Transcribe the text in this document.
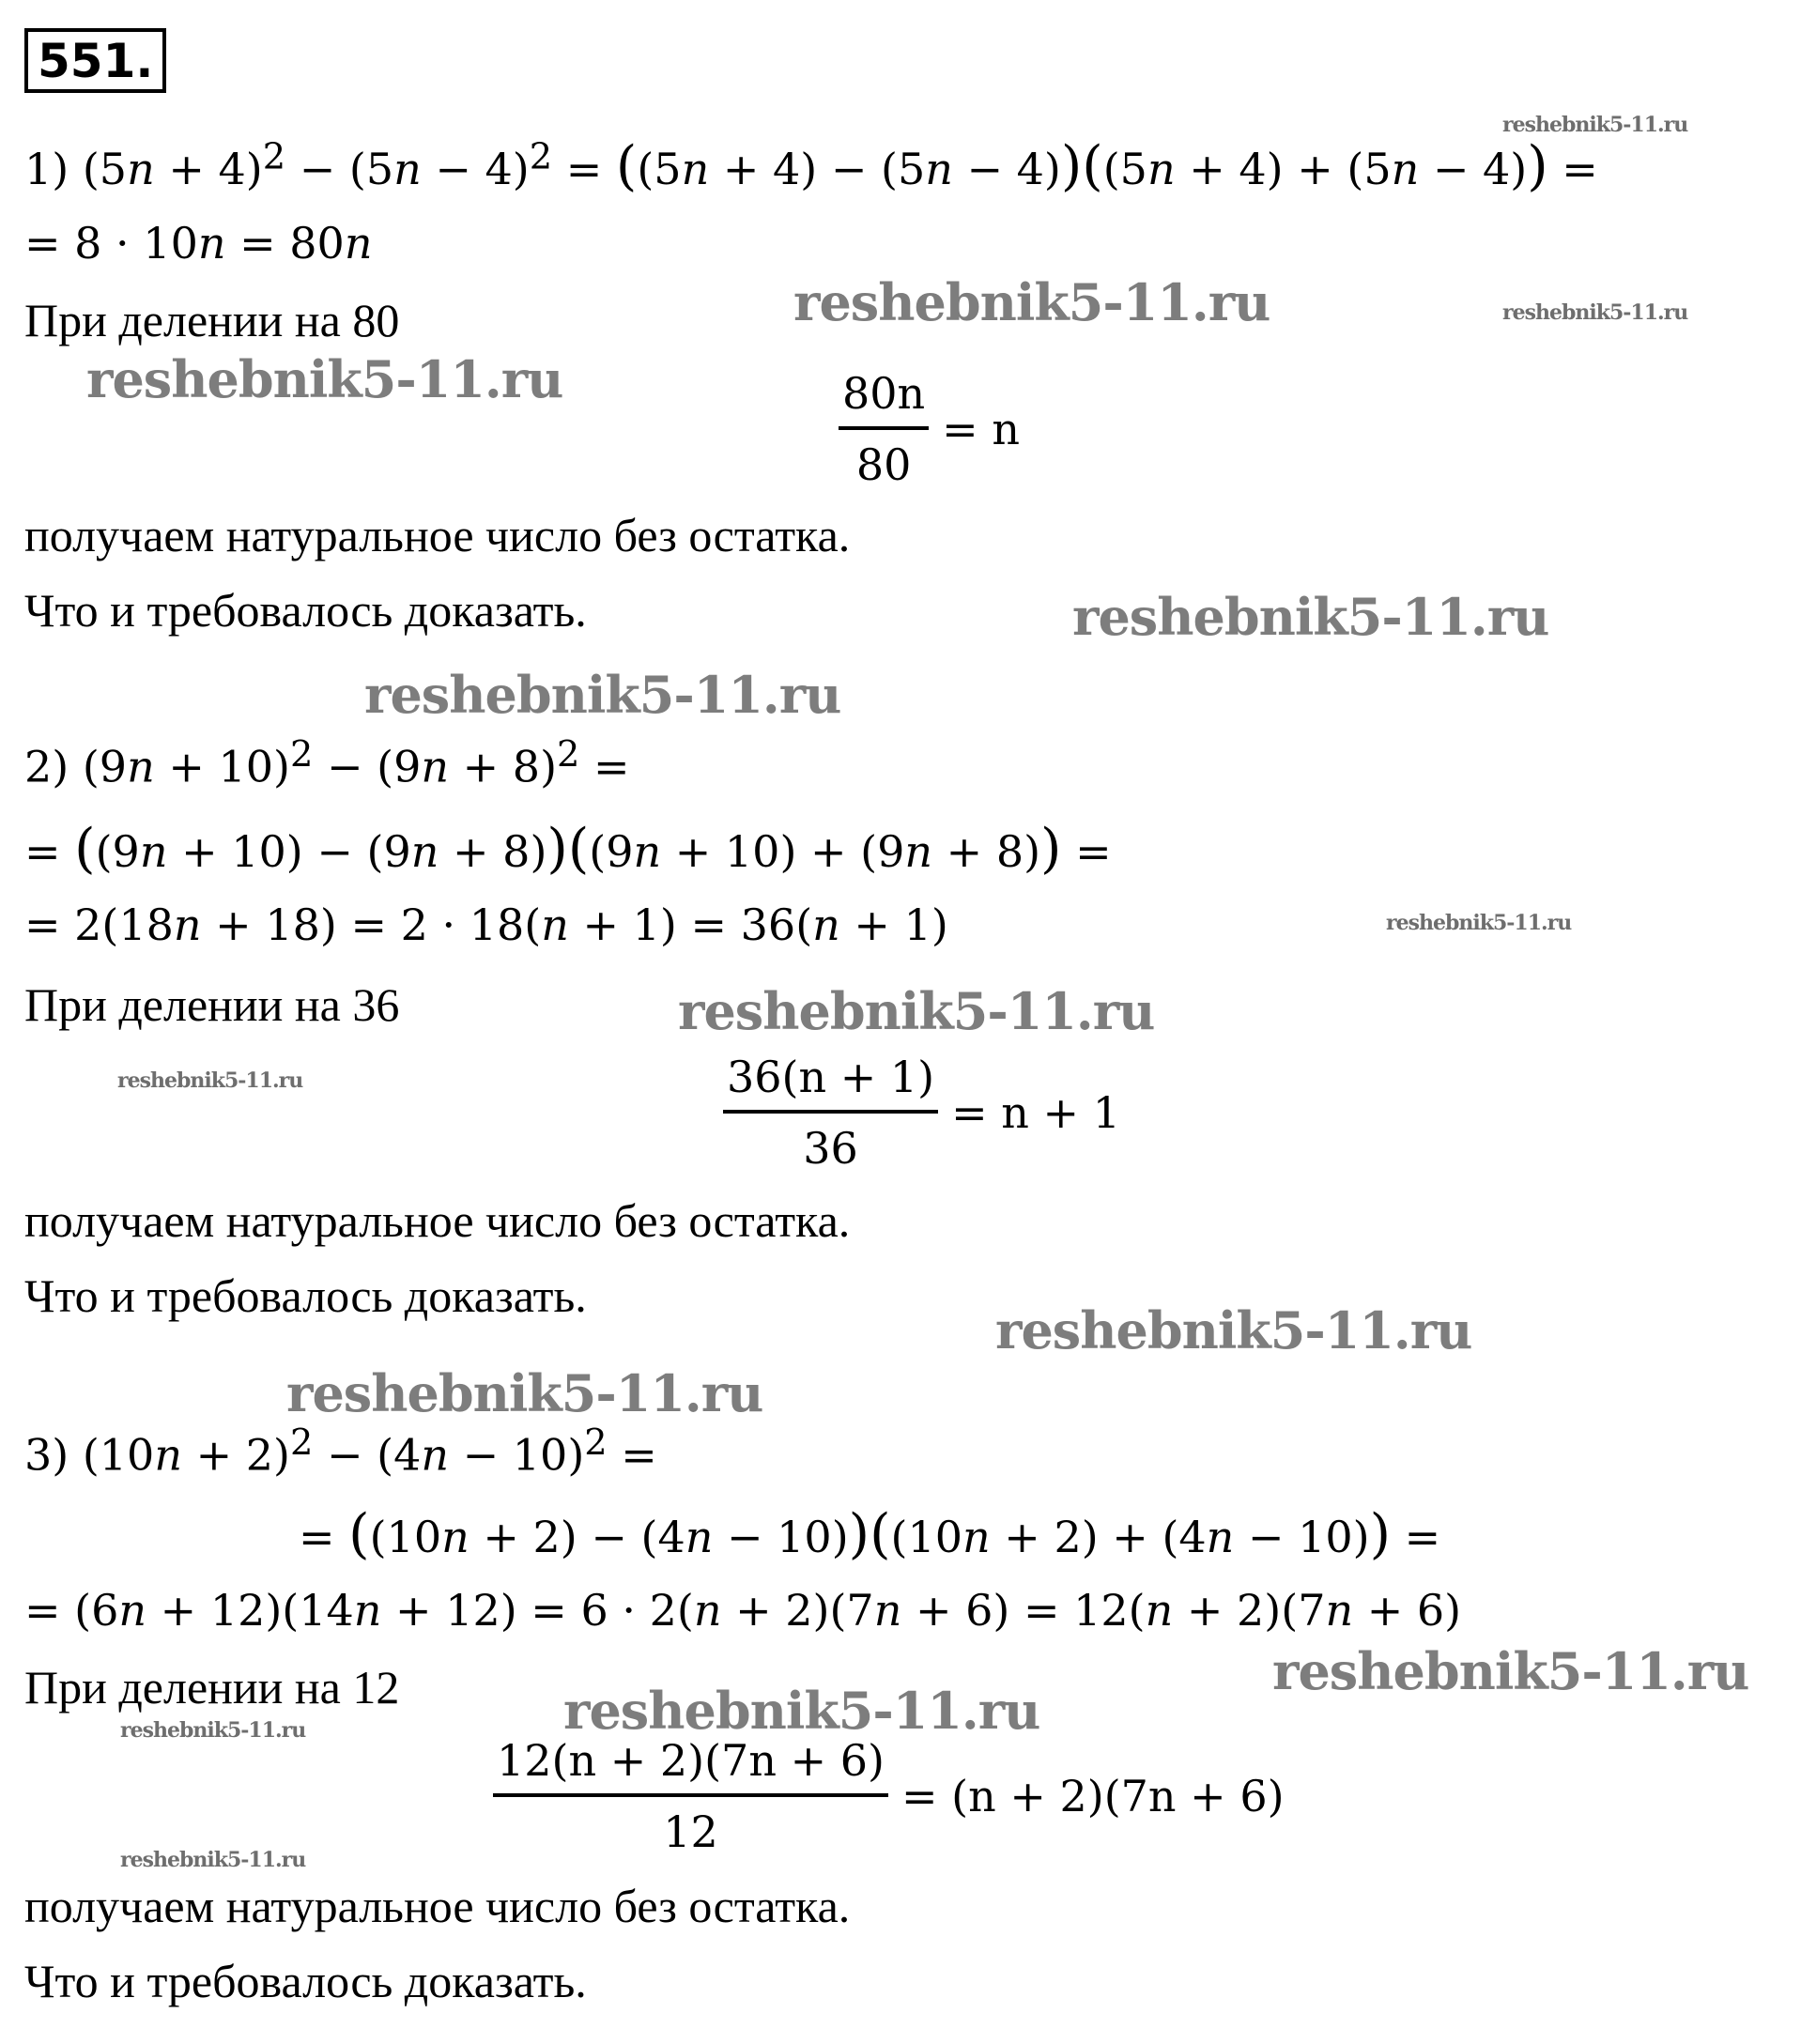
551.
1) $(5n + 4)^2 - (5n - 4)^2 = ((5n + 4) - (5n - 4))((5n + 4) + (5n - 4))$ =
= 8 · 10n = 80n
При делении на 80
$\frac{80n}{80} = n$
получаем натуральное число без остатка.
Что и требовалось доказать.
2) $(9n + 10)^2 - (9n + 8)^2$ =
= ((9n + 10) − (9n + 8))((9n + 10) + (9n + 8)) =
= 2(18n + 18) = 2 · 18(n + 1) = 36(n + 1)
При делении на 36
$\frac{36(n + 1)}{36} = n + 1$
получаем натуральное число без остатка.
Что и требовалось доказать.
3) $(10n + 2)^2 - (4n - 10)^2$ =
= ((10n + 2) − (4n − 10))((10n + 2) + (4n − 10)) =
= (6n + 12)(14n + 12) = 6 · 2(n + 2)(7n + 6) = 12(n + 2)(7n + 6)
При делении на 12
$\frac{12(n + 2)(7n + 6)}{12} = (n + 2)(7n + 6)$
получаем натуральное число без остатка.
Что и требовалось доказать.
reshebnik5-11.ru
reshebnik5-11.ru	reshebnik5-11.ru
reshebnik5-11.ru
reshebnik5-11.ru
reshebnik5-11.ru
reshebnik5-11.ru
reshebnik5-11.ru
reshebnik5-11.ru
reshebnik5-11.ru
reshebnik5-11.ru
reshebnik5-11.ru
reshebnik5-11.ru
reshebnik5-11.ru
reshebnik5-11.ru
